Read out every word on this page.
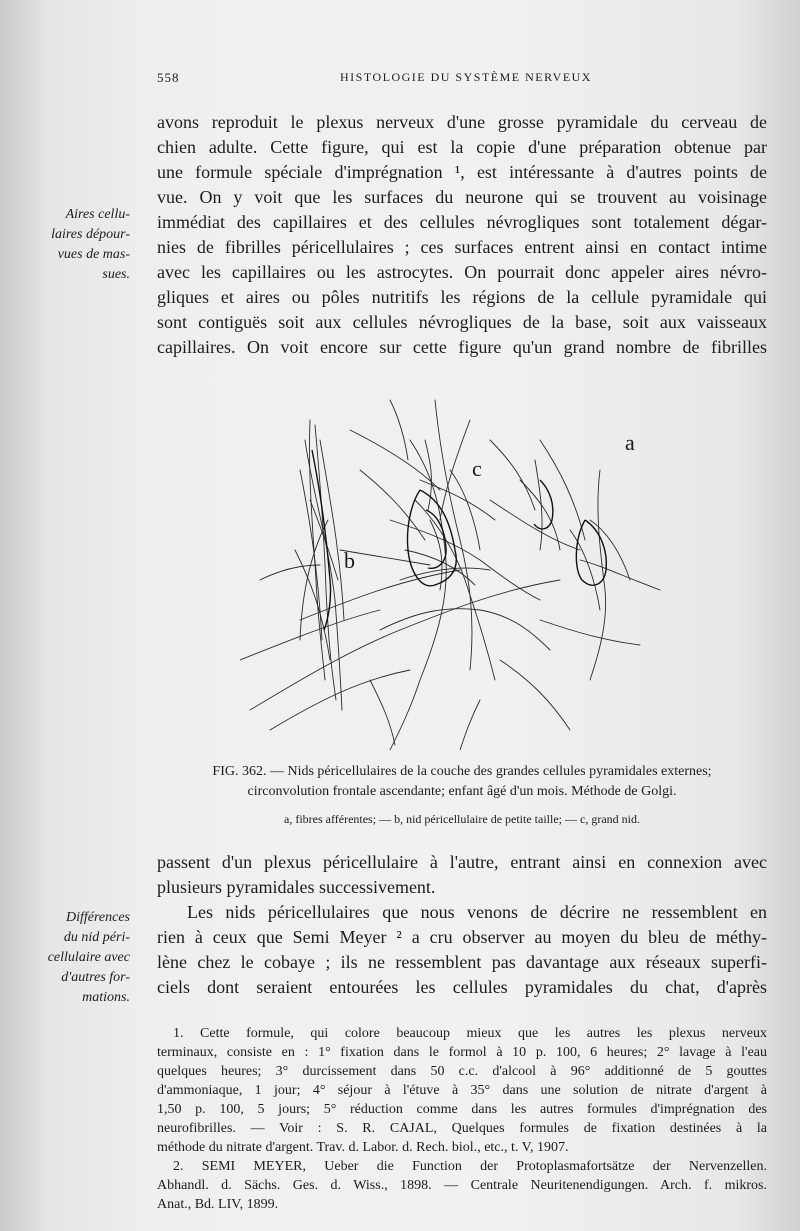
558	HISTOLOGIE DU SYSTÈME NERVEUX
Aires cellu-
laires dépour-
vues de mas-
sues.
Différences
du nid péri-
cellulaire avec
d'autres for-
mations.
avons reproduit le plexus nerveux d'une grosse pyramidale du cerveau de
chien adulte. Cette figure, qui est la copie d'une préparation obtenue par
une formule spéciale d'imprégnation ¹, est intéressante à d'autres points de
vue. On y voit que les surfaces du neurone qui se trouvent au voisinage
immédiat des capillaires et des cellules névrogliques sont totalement dégar-
nies de fibrilles péricellulaires ; ces surfaces entrent ainsi en contact intime
avec les capillaires ou les astrocytes. On pourrait donc appeler aires névro-
gliques et aires ou pôles nutritifs les régions de la cellule pyramidale qui
sont contiguës soit aux cellules névrogliques de la base, soit aux vaisseaux
capillaires. On voit encore sur cette figure qu'un grand nombre de fibrilles
a
b
c
FIG. 362. — Nids péricellulaires de la couche des grandes cellules pyramidales externes;
circonvolution frontale ascendante; enfant âgé d'un mois. Méthode de Golgi.
a, fibres afférentes; — b, nid péricellulaire de petite taille; — c, grand nid.
passent d'un plexus péricellulaire à l'autre, entrant ainsi en connexion avec
plusieurs pyramidales successivement.
Les nids péricellulaires que nous venons de décrire ne ressemblent en
rien à ceux que Semi Meyer ² a cru observer au moyen du bleu de méthy-
lène chez le cobaye ; ils ne ressemblent pas davantage aux réseaux superfi-
ciels dont seraient entourées les cellules pyramidales du chat, d'après
1. Cette formule, qui colore beaucoup mieux que les autres les plexus nerveux
terminaux, consiste en : 1° fixation dans le formol à 10 p. 100, 6 heures; 2° lavage à l'eau
quelques heures; 3° durcissement dans 50 c.c. d'alcool à 96° additionné de 5 gouttes
d'ammoniaque, 1 jour; 4° séjour à l'étuve à 35° dans une solution de nitrate d'argent à
1,50 p. 100, 5 jours; 5° réduction comme dans les autres formules d'imprégnation des
neurofibrilles. — Voir : S. R. CAJAL, Quelques formules de fixation destinées à la
méthode du nitrate d'argent. Trav. d. Labor. d. Rech. biol., etc., t. V, 1907.
2. SEMI MEYER, Ueber die Function der Protoplasmafortsätze der Nervenzellen.
Abhandl. d. Sächs. Ges. d. Wiss., 1898. — Centrale Neuritenendigungen. Arch. f. mikros.
Anat., Bd. LIV, 1899.
